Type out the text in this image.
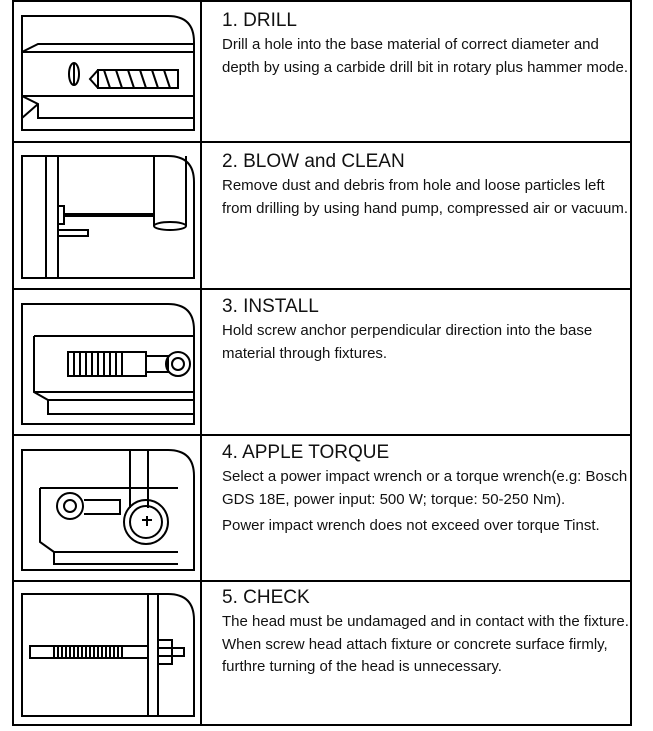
1. DRILL

Drill a hole into the base material of correct diameter and depth by using a carbide drill bit in rotary plus hammer mode.

2. BLOW and CLEAN

Remove dust and debris from hole and loose particles left from drilling by using hand pump, compressed air or vacuum.

3. INSTALL

Hold screw anchor perpendicular direction into the base material through fixtures.

4. APPLE TORQUE

Select a power impact wrench or a torque wrench(e.g: Bosch GDS 18E, power input: 500 W; torque: 50-250 Nm).

Power impact wrench does not exceed over torque Tinst.

5. CHECK

The head must be undamaged and in contact with the fixture. When screw head attach fixture or concrete surface firmly, furthre turning of the head is unnecessary.
